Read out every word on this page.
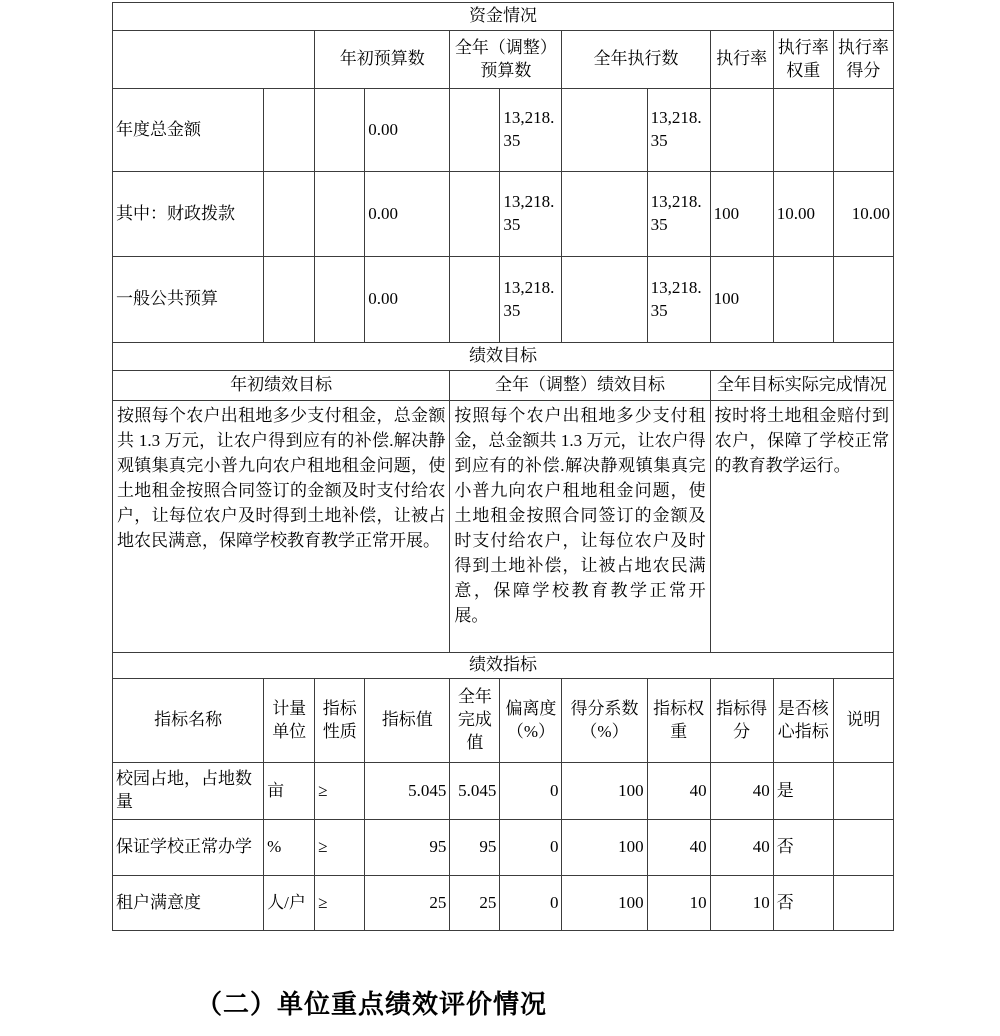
资金情况										
		年初预算数		全年（调整）预算数		全年执行数		执行率	执行率权重	执行率得分
年度总金额			0.00		13,218.35		13,218.35			
其中：财政拨款			0.00		13,218.35		13,218.35	100	10.00	10.00
一般公共预算			0.00		13,218.35		13,218.35	100		
绩效目标										
年初绩效目标				全年（调整）绩效目标				全年目标实际完成情况		
按照每个农户出租地多少支付租金，总金额共 1.3 万元，让农户得到应有的补偿.解决静观镇集真完小普九向农户租地租金问题，使土地租金按照合同签订的金额及时支付给农户，让每位农户及时得到土地补偿，让被占地农民满意，保障学校教育教学正常开展。				按照每个农户出租地多少支付租金，总金额共 1.3 万元，让农户得到应有的补偿.解决静观镇集真完小普九向农户租地租金问题，使土地租金按照合同签订的金额及时支付给农户，让每位农户及时得到土地补偿，让被占地农民满意，保障学校教育教学正常开展。				按时将土地租金赔付到农户，保障了学校正常的教育教学运行。		
绩效指标										
指标名称	计量单位	指标性质	指标值	全年完成值	偏离度（%）	得分系数（%）	指标权重	指标得分	是否核心指标	说明
校园占地，占地数量	亩	≥	5.045	5.045	0	100	40	40	是	
保证学校正常办学	%	≥	95	95	0	100	40	40	否	
租户满意度	人/户	≥	25	25	0	100	10	10	否	
（二）单位重点绩效评价情况
